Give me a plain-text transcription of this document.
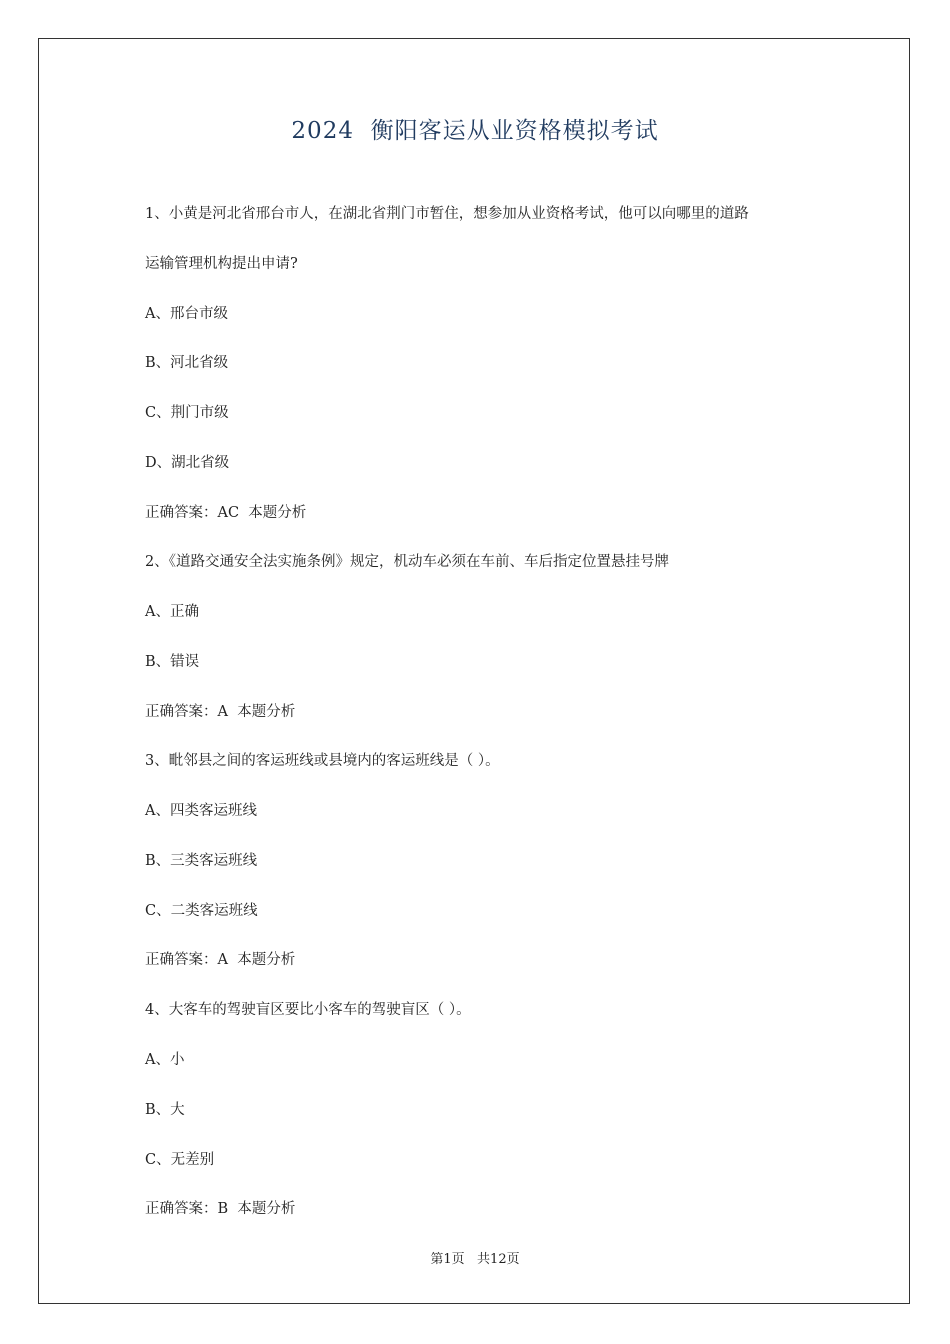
2024  衡阳客运从业资格模拟考试
1、小黄是河北省邢台市人，在湖北省荆门市暂住，想参加从业资格考试，他可以向哪里的道路
运输管理机构提出申请?
A、邢台市级
B、河北省级
C、荆门市级
D、湖北省级
正确答案：AC  本题分析
2、《道路交通安全法实施条例》规定，机动车必须在车前、车后指定位置悬挂号牌
A、正确
B、错误
正确答案：A  本题分析
3、毗邻县之间的客运班线或县境内的客运班线是（ ）。
A、四类客运班线
B、三类客运班线
C、二类客运班线
正确答案：A  本题分析
4、大客车的驾驶盲区要比小客车的驾驶盲区（ ）。
A、小
B、大
C、无差别
正确答案：B  本题分析
第1页   共12页
